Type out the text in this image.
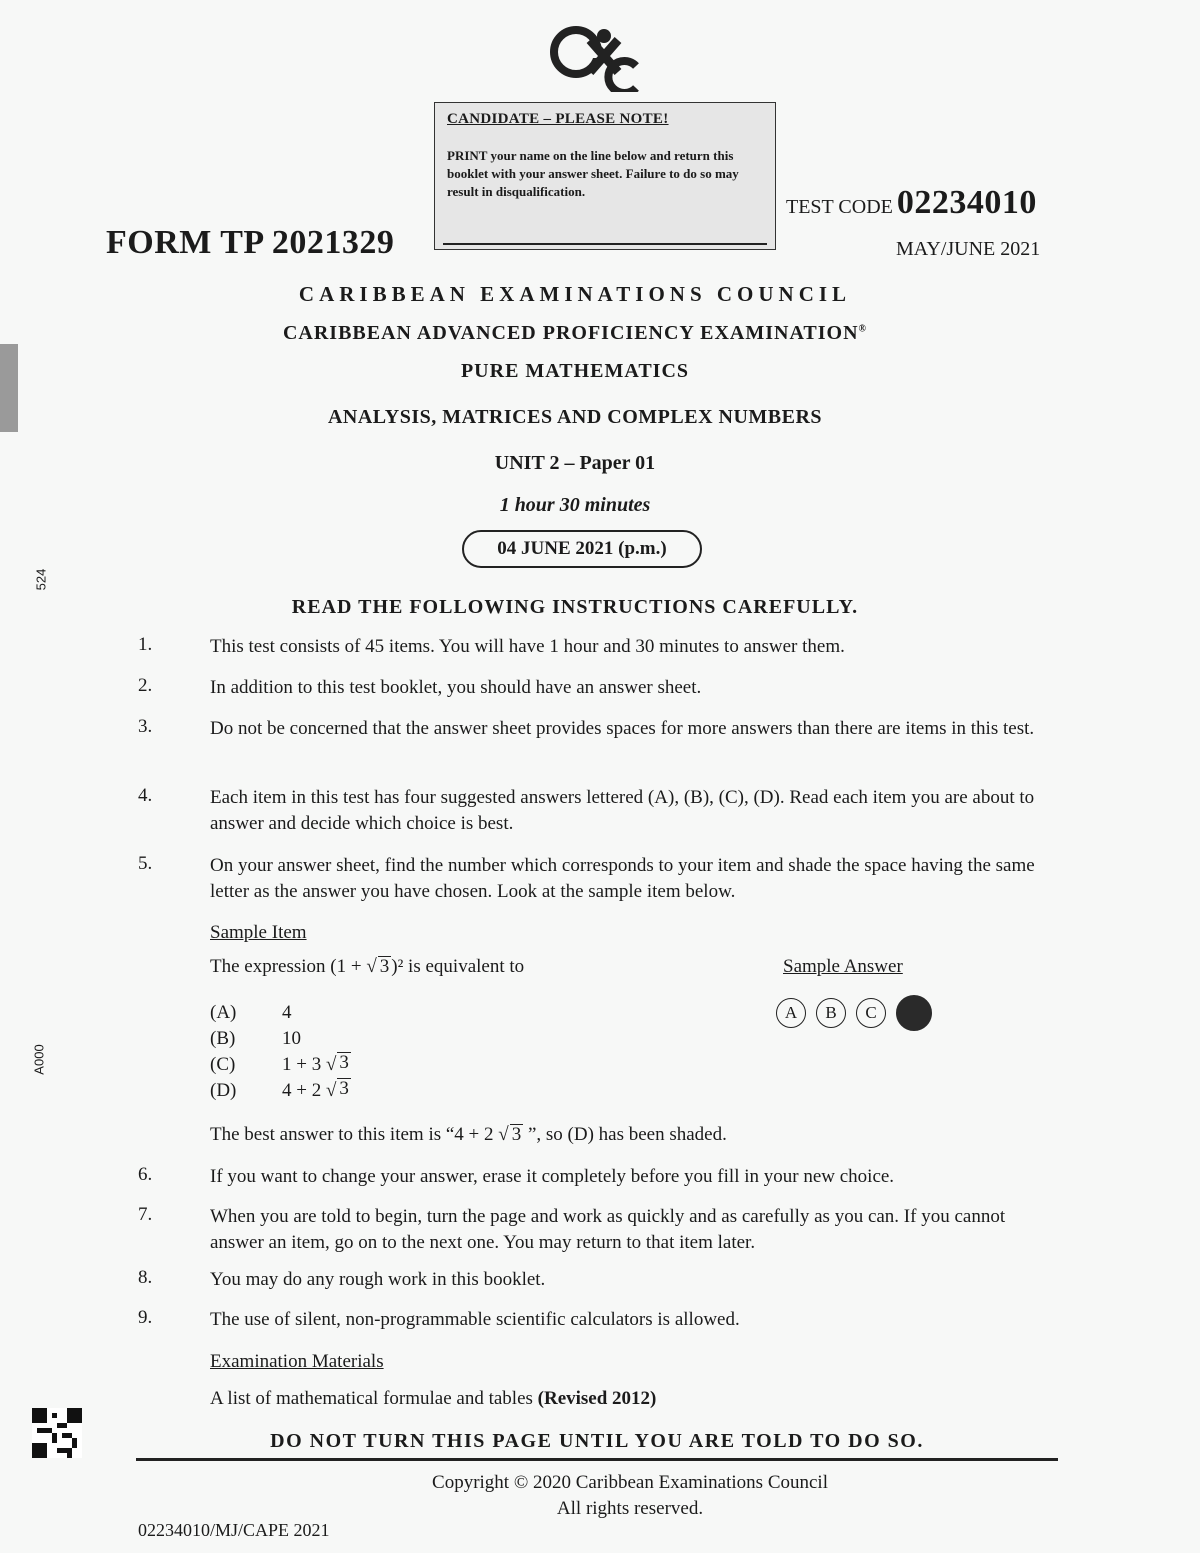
CXC
CANDIDATE – PLEASE NOTE!
PRINT your name on the line below and return this booklet with your answer sheet. Failure to do so may result in disqualification.
FORM TP 2021329
TEST CODE 02234010
MAY/JUNE 2021
CARIBBEAN EXAMINATIONS COUNCIL
CARIBBEAN ADVANCED PROFICIENCY EXAMINATION®
PURE MATHEMATICS
ANALYSIS, MATRICES AND COMPLEX NUMBERS
UNIT 2 – Paper 01
1 hour 30 minutes
04 JUNE 2021 (p.m.)
READ THE FOLLOWING INSTRUCTIONS CAREFULLY.
1.	This test consists of 45 items. You will have 1 hour and 30 minutes to answer them.
2.	In addition to this test booklet, you should have an answer sheet.
3.	Do not be concerned that the answer sheet provides spaces for more answers than there are items in this test.
4.	Each item in this test has four suggested answers lettered (A), (B), (C), (D). Read each item you are about to answer and decide which choice is best.
5.	On your answer sheet, find the number which corresponds to your item and shade the space having the same letter as the answer you have chosen. Look at the sample item below.
Sample Item
The expression (1 + √ 3 )² is equivalent to	Sample Answer
(A)	4
(B)	10
(C)	1 + 3 √ 3
(D)	4 + 2 √ 3
A	B	C
The best answer to this item is “4 + 2 √ 3 ”, so (D) has been shaded.
6.	If you want to change your answer, erase it completely before you fill in your new choice.
7.	When you are told to begin, turn the page and work as quickly and as carefully as you can. If you cannot answer an item, go on to the next one. You may return to that item later.
8.	You may do any rough work in this booklet.
9.	The use of silent, non-programmable scientific calculators is allowed.
Examination Materials
A list of mathematical formulae and tables (Revised 2012)
DO NOT TURN THIS PAGE UNTIL YOU ARE TOLD TO DO SO.
Copyright © 2020 Caribbean Examinations Council
All rights reserved.
02234010/MJ/CAPE 2021
524
A000
